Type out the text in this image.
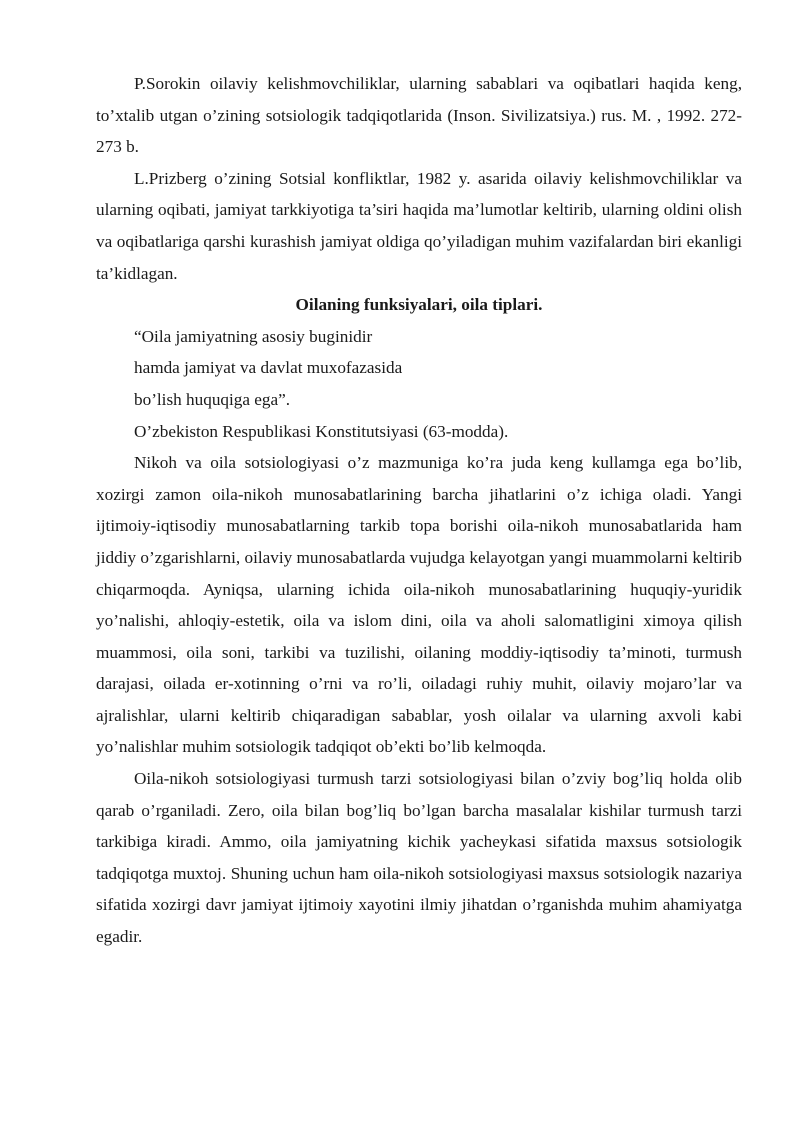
P.Sorokin oilaviy kelishmovchiliklar, ularning sabablari va oqibatlari haqida keng, to’xtalib utgan o’zining sotsiologik tadqiqotlarida (Inson. Sivilizatsiya.) rus. M. , 1992. 272-273 b.

L.Prizberg o’zining Sotsial konfliktlar, 1982 y. asarida oilaviy kelishmovchiliklar va ularning oqibati, jamiyat tarkkiyotiga ta’siri haqida ma’lumotlar keltirib, ularning oldini olish va oqibatlariga qarshi kurashish jamiyat oldiga qo’yiladigan muhim vazifalardan biri ekanligi ta’kidlagan.

Oilaning funksiyalari, oila tiplari.

“Oila jamiyatning asosiy buginidir

hamda jamiyat va davlat muxofazasida

bo’lish huquqiga ega”.

O’zbekiston Respublikasi Konstitutsiyasi (63-modda).

Nikoh va oila sotsiologiyasi o’z mazmuniga ko’ra juda keng kullamga ega bo’lib, xozirgi zamon oila-nikoh munosabatlarining barcha jihatlarini o’z ichiga oladi. Yangi ijtimoiy-iqtisodiy munosabatlarning tarkib topa borishi oila-nikoh munosabatlarida ham jiddiy o’zgarishlarni, oilaviy munosabatlarda vujudga kelayotgan yangi muammolarni keltirib chiqarmoqda. Ayniqsa, ularning ichida oila-nikoh munosabatlarining huquqiy-yuridik yo’nalishi, ahloqiy-estetik, oila va islom dini, oila va aholi salomatligini ximoya qilish muammosi, oila soni, tarkibi va tuzilishi, oilaning moddiy-iqtisodiy ta’minoti, turmush darajasi, oilada er-xotinning o’rni va ro’li, oiladagi ruhiy muhit, oilaviy mojaro’lar va ajralishlar, ularni keltirib chiqaradigan sabablar, yosh oilalar va ularning axvoli kabi yo’nalishlar muhim sotsiologik tadqiqot ob’ekti bo’lib kelmoqda.

Oila-nikoh sotsiologiyasi turmush tarzi sotsiologiyasi bilan o’zviy bog’liq holda olib qarab o’rganiladi. Zero, oila bilan bog’liq bo’lgan barcha masalalar kishilar turmush tarzi tarkibiga kiradi. Ammo, oila jamiyatning kichik yacheykasi sifatida maxsus sotsiologik tadqiqotga muxtoj. Shuning uchun ham oila-nikoh sotsiologiyasi maxsus sotsiologik nazariya sifatida xozirgi davr jamiyat ijtimoiy xayotini ilmiy jihatdan o’rganishda muhim ahamiyatga egadir.
